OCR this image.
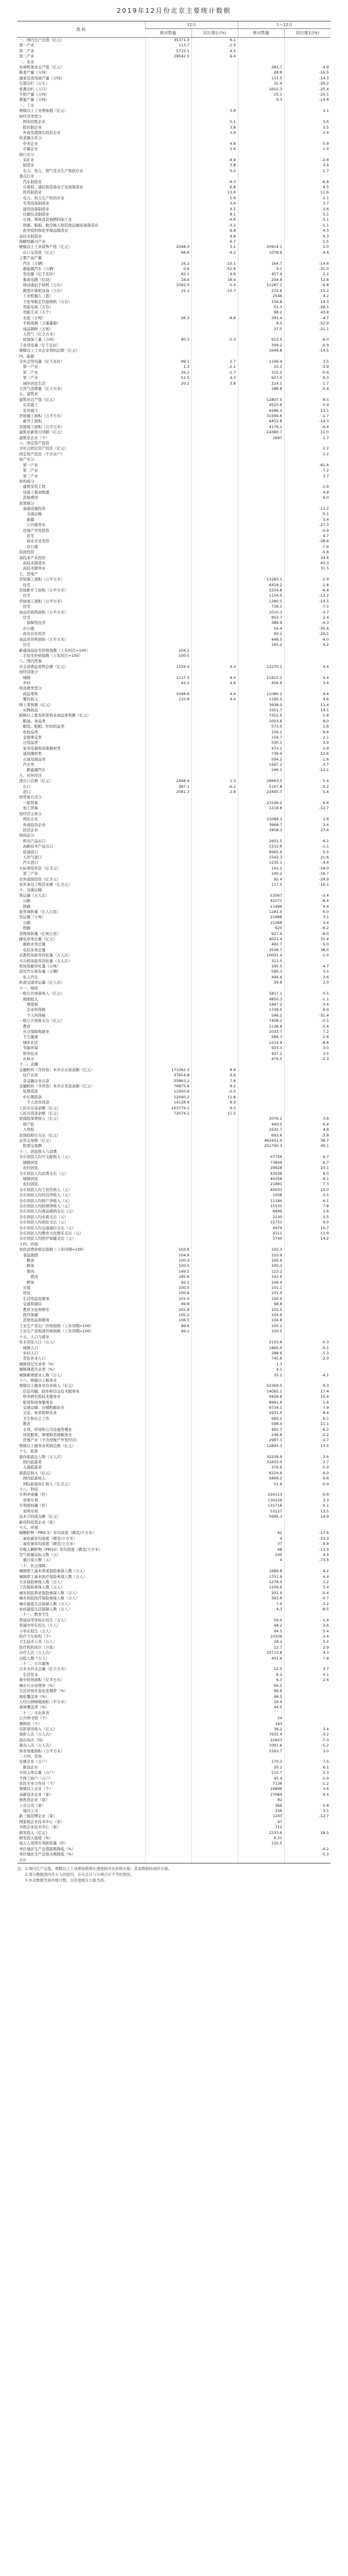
2019年12月份北京主要统计数据
指 标	12月		1～12月	
	绝对数量	同比增长(%)	绝对数量	同比增长(%)
一、国内生产总值（亿元）	35371.3	6.1		
第一产业	113.7	-2.5		
第二产业	5715.1	4.5		
第三产业	29542.5	6.4		
二、农业				
农林牧渔业总产值（亿元）			281.7	-4.9
粮食产量（万吨）			28.8	-16.5
蔬菜及食用菌产量（万吨）			111.5	-14.3
生猪出栏（万头）			32.4	-20.2
家禽出栏（万只）			1602.3	-25.4
牛奶产量（万吨）			25.1	-20.1
禽蛋产量（万吨）			9.3	-14.4
三、工业				
规模以上工业增加值（亿元）		3.9		3.1
按经济类型分				
　国有控股企业		5.1		5.6
　股份制企业		3.8		3.5
　外商及港澳台投资企业		3.9		2.4
按隶属关系分				
　中央企业		4.8		5.8
　市属企业		2.6		1.4
按行业分				
　采矿业		-9.9		-2.8
　制造业		3.8		3.4
　电力、热力、燃气及水生产和供应业		5.2		1.7
重点行业				
　汽车制造业		-8.3		-6.8
　计算机、通信和其他电子设备制造业		6.8		6.5
　医药制造业		13.6		11.6
　电力、热力生产和供应业		5.9		2.1
　专用设备制造业		3.4		3.7
　通用设备制造业		4.5		2.6
　仪器仪表制造业		8.1		5.1
　石油、煤炭及其他燃料加工业		-4.6		-3.1
　铁路、船舶、航空航天和其他运输设备制造业		-3.2		-1.1
　化学原料和化学制品制造业		6.8		4.3
高技术制造业		9.8		9.3
战略性新兴产业		6.7		5.5
规模以上工业销售产值（亿元）	2048.3	3.1	20914.1	2.0
　出口交货值（亿元）	98.6	-9.2	1078.9	-4.4
主要产品产量				
　汽车（万辆）	16.2	-10.1	164.7	-14.6
　新能源汽车（万辆）	0.9	-52.6	9.1	-31.0
　发电量（亿千瓦时）	42.1	4.6	457.4	2.2
　集成电路（亿块）	18.6	18.9	204.9	12.8
　移动通信手持机（万台）	1092.0	-5.4	11287.1	-9.8
　微型计算机设备（万台）	25.1	-10.7	272.6	-15.2
　工业机器人（套）			2546	4.2
　卫星导航定位接收机（万台）			134.8	19.3
　智能电视（万台）			51.3	-26.5
　智能手表（万个）			98.2	43.8
　水泥（万吨）	26.3	-8.8	391.4	-4.7
　平板玻璃（万重量箱）			8.0	-52.9
　成品钢材（万吨）			37.5	-21.1
　天然气（亿立方米）				
　原油加工量（万吨）	80.3	-5.3	913.5	-6.0
工业用电量（亿千瓦时）			309.2	-0.9
规模以上工业企业利润总额（亿元）			1649.8	-14.5
四、能源				
全社会用电量（亿千瓦时）	99.1	2.7	1166.4	3.5
　第一产业	1.3	-2.1	10.1	-3.9
　第二产业	26.2	-1.7	315.2	-0.6
　第三产业	51.5	4.3	627.0	6.3
　城乡居民生活	20.1	3.8	214.1	1.7
天然气消费量（亿立方米）			188.8	-0.4
五、建筑业				
建筑业总产值（亿元）			12807.0	8.5
　在京施工			4520.6	0.9
　京外施工			8286.4	13.1
房屋施工面积（万平方米）			31569.6	-1.7
　新开工面积			6452.8	-14.3
房屋竣工面积（万平方米）			4176.1	-6.4
建筑业新签合同额（亿元）			14380.7	11.0
建筑业企业（个）			2697	1.7
六、固定资产投资				
全社会固定资产投资（亿元）				2.2
固定资产投资（不含农户）				2.2
按产业分				
　第一产业				-61.4
　第二产业				-7.2
　第三产业				3.7
按构成分				
　建筑安装工程				-1.9
　设备工器具购置				4.8
　其他费用				6.0
按领域分				
　基础设施投资				-13.2
　　交通运输				-5.1
　　能源				3.4
　　公共服务业				-27.3
　房地产开发投资				-0.9
　　住宅				4.7
　　商业营业用房				-28.8
　　办公楼				-7.6
民间投资				-5.8
高技术产业投资				34.6
　高技术制造业				63.3
　高技术服务业				31.5
七、房地产				
房屋施工面积（万平方米）			13283.1	-2.9
　住宅			6419.2	-1.8
房屋新开工面积（万平方米）			2254.8	-6.4
　住宅			1154.5	-13.2
房屋竣工面积（万平方米）			1280.5	-14.5
　住宅			736.1	-7.5
商品房销售面积（万平方米）			1010.3	-3.7
　住宅			853.7	2.4
　　保障性住房			389.9	-4.3
　办公楼			54.4	-35.6
　商业营业用房			40.2	-29.5
商品房待售面积（万平方米）			448.5	-4.0
　住宅			165.2	4.2
新建商品住宅价格指数（上年同月=100）	104.1			
二手住宅价格指数（上年同月=100）	100.5			
八、国内贸易				
社会消费品零售总额（亿元）	1159.4	4.4	12270.1	4.4
按经营地分				
　城镇	1117.3	4.4	11813.2	4.4
　乡村	42.1	4.8	456.9	3.6
按消费类型分				
　商品零售	1048.6	4.4	11080.1	4.4
　餐饮收入	110.8	4.4	1190.0	4.6
网上零售额（亿元）			3938.0	11.4
　实物商品			3351.7	14.1
限额以上批发和零售业商品零售额（亿元）			7352.5	1.8
　粮油、食品类			1003.6	8.0
　服装、鞋帽、针纺织品类			573.5	1.6
　化妆品类			156.1	9.6
　金银珠宝类			154.7	2.1
　日用品类			500.1	3.9
　家用电器和音像器材类			472.1	2.8
　通讯器材类			739.4	12.6
　石油及制品类			594.2	-1.6
　汽车类			1567.2	-3.7
　　新能源汽车			246.1	-12.1
九、对外经济				
进出口总额（亿元）	2468.4	1.3	28663.5	5.4
　出口	387.1	-6.2	5167.8	5.2
　进口	2081.3	2.8	23495.7	5.4
按贸易方式分				
　一般贸易			23149.2	6.4
　加工贸易			1218.8	-12.7
按经营主体分				
　国有企业			21084.3	2.8
　外商投资企业			3968.7	3.6
　民营企业			3458.3	27.6
按商品分				
　机电产品出口			2601.5	6.2
　高新技术产品出口			1212.9	-1.1
　原油进口			8965.6	5.5
　天然气进口			1542.3	21.6
　汽车进口			1235.1	-4.6
实际利用外资（亿美元）			142.1	-18.0
　第三产业			140.2	-16.7
对外直接投资（亿美元）			92.4	-29.9
对外承包工程营业额（亿美元）			117.5	-16.1
十、交通运输				
客运量（万人次）			53567	-3.4
　公路			42071	-6.4
　铁路			11496	9.4
旅客周转量（亿人公里）			1281.5	6.0
货运量（万吨）			21988	3.1
　公路			21368	3.4
　铁路			620	-6.2
货物周转量（亿吨公里）			927.6	-8.0
邮电业务总量（亿元）			4021.4	31.4
　邮政业务总量			482.7	5.0
　电信业务总量			3538.7	36.0
首都机场旅客吞吐量（万人次）			10001.4	-1.0
大兴机场旅客吞吐量（万人次）			313.5	
机场货邮吞吐量（万吨）			195.5	-4.7
民用汽车保有量（万辆）			590.3	3.5
　私人汽车			494.9	3.6
轨道交通客运量（亿人次）			39.6	2.0
十一、财政				
一般公共预算收入（亿元）			5817.1	0.5
　税收收入			4850.3	-1.1
　　增值税			1947.2	-3.4
　　企业所得税			1339.0	6.9
　　个人所得税			546.2	-31.4
一般公共预算支出（亿元）			7408.2	-0.5
　教育			1136.8	0.4
　社会保障和就业			1033.7	7.2
　卫生健康			584.3	2.8
　城乡社区			1214.9	-8.8
　节能环保			503.3	3.0
　科学技术			437.2	3.5
　农林水			476.0	-2.3
十二、金融				
金融机构（含外资）本外币存款余额（亿元）	171062.3	8.8		
　住户存款	37654.8	9.6		
　非金融企业存款	55863.2	7.6		
金融机构（含外资）本外币贷款余额（亿元）	76875.6	9.2		
　短期贷款	11950.6	-2.5		
　中长期贷款	52640.2	11.6		
　　个人住房贷款	14128.9	9.3		
人民币存款余额（亿元）	163779.1	9.5		
人民币贷款余额（亿元）	72074.1	11.5		
原保险保费收入（亿元）			2076.2	3.8
　财产险			440.5	0.4
　人身险			1635.7	4.8
原保险赔付支出（亿元）			693.6	-3.8
证券交易额（亿元）			462431.0	38.7
　股票交易额			251760.3	40.1
十三、居民收入与消费				
全市居民人均可支配收入（元）			67756	8.7
　城镇居民			73849	8.7
　农村居民			28928	10.1
全市居民人均消费支出（元）			43038	8.0
　城镇居民			46358	8.1
　农村居民			21881	7.3
全市居民人均工资性收入（元）			40033	10.0
全市居民人均经营净收入（元）			1008	-3.1
全市居民人均财产净收入（元）			11184	6.1
全市居民人均转移净收入（元）			15531	7.8
全市居民人均食品烟酒支出（元）			8489	3.6
全市居民人均衣着支出（元）			2230	-3.5
全市居民人均居住支出（元）			15751	9.0
全市居民人均交通通信支出（元）			4979	10.7
全市居民人均教育文化娱乐支出（元）			4311	11.9
全市居民人均医疗保健支出（元）			3740	14.2
十四、价格				
居民消费价格总指数（上年同期=100）	102.6		102.3	
　食品烟酒	104.9		103.9	
　　粮食	100.3		100.6	
　　鲜菜	100.5		105.3	
　　畜肉	149.5		123.2	
　　　猪肉	185.6		142.6	
　　鲜果	92.1		106.4	
　衣着	100.5		101.1	
　居住	100.8		101.4	
　生活用品及服务	101.0		100.9	
　交通和通信	99.8		98.8	
　教育文化和娱乐	102.8		102.5	
　医疗保健	105.2		104.6	
　其他用品和服务	106.5		104.8	
工业生产者出厂价格指数（上年同期=100）	99.6		100.2	
工业生产者购进价格指数（上年同期=100）	99.2		100.0	
十五、人口与就业				
年末常住人口（万人）			2153.6	-0.3
　城镇人口			1865.0	-0.1
　乡村人口			288.6	-1.3
　常住外来人口			745.6	-2.0
城镇登记失业率（%）			1.3	
城镇调查失业率（%）			4.1	
城镇新增就业人数（万人）			35.1	-4.1
十六、规模以上服务业				
规模以上服务业营业收入（亿元）			52369.5	9.3
　信息传输、软件和信息技术服务业			14085.1	17.4
　科学研究和技术服务业			9426.8	10.4
　租赁和商务服务业			8961.6	1.6
　交通运输、仓储和邮政业			9734.1	7.9
　文化、体育和娱乐业			1931.5	8.4
　卫生和社会工作			983.2	6.1
　教育			598.4	11.1
　水利、环境和公共设施管理业			492.7	-6.2
　居民服务、修理和其他服务业			246.8	-2.2
　房地产业（不含房地产开发经营）			2987.3	4.7
规模以上服务业利润总额（亿元）			12845.3	13.5
十七、旅游				
接待旅游总人数（万人次）			32209.9	3.6
　国内旅游者			31833.0	3.7
　入境旅游者			376.9	-5.9
旅游总收入（亿元）			6224.6	6.0
　国内旅游收入			5866.2	6.6
　国际旅游外汇收入（亿美元）			51.9	-5.9
十八、科技				
专利申请量（件）			226113	6.9
　发明专利			130229	3.3
专利授权量（件）			131716	6.1
　发明专利			53127	13.5
技术合同成交额（亿元）			5695.3	14.9
新设科技型企业（家）				
十九、环境				
细颗粒物（PM2.5）年均浓度（微克/立方米）			42	-17.6
二氧化硫年均浓度（微克/立方米）			4	-33.3
二氧化氮年均浓度（微克/立方米）			37	-9.8
可吸入颗粒物（PM10）年均浓度（微克/立方米）			68	-13.9
空气质量达标天数（天）			240	4.3
　重污染天数（天）			4	-73.3
二十、社会保障				
城镇职工基本养老保险参保人数（万人）			1689.8	4.2
城镇职工基本医疗保险参保人数（万人）			1751.9	4.4
失业保险参保人数（万人）			1278.0	3.2
工伤保险参保人数（万人）			1204.6	3.4
城乡居民养老保险参保人数（万人）			201.9	-0.4
城乡居民医疗保险参保人数（万人）			393.6	-0.7
城市最低生活保障人数（万人）			7.0	-3.2
农村最低生活保障人数（万人）			4.3	-8.5
二十一、教育卫生				
普通高等学校在校生（万人）			59.0	1.4
普通中学在校生（万人）			48.2	2.6
小学在校生（万人）			94.5	5.4
医疗卫生机构（个）			10336	-3.4
卫生技术人员（万人）			28.2	5.2
医疗机构床位（万张）			12.7	2.9
诊疗人次（万人次）			25713.8	4.3
出院人数（万人）			401.6	7.8
二十二、公共服务				
自来水供水总量（亿立方米）			12.0	3.7
　生活用水			8.2	4.1
集中供热面积（亿平方米）			6.3	2.6
城市污水处理率（%）			94.5	
生活垃圾无害化处理率（%）			99.9	
绿化覆盖率（%）			48.5	
人均公园绿地面积（平方米）			16.4	
森林覆盖率（%）			44.0	
二十三、文化体育				
公共图书馆（个）			24	
博物馆（个）			183	
电影票房收入（亿元）			36.2	3.4
观影人次（万人次）			7632.4	-3.2
演出场次（场）			22823	-7.0
观众人次（万人次）			1091.6	-5.2
体育场地面积（万平方米）			5163.7	3.0
二十四、其他				
注册企业（万户）			170.3	7.5
　新设企业			20.2	6.1
市场主体总量（万户）			215.7	5.3
个体工商户（万户）			45.4	-1.9
农民专业合作社（个）			7136	-1.2
规模以上企业（个）			24896	3.6
高新技术企业（家）			27069	9.4
独角兽企业（家）			82	
上市公司（家）			366	5.8
　境内上市			336	3.1
新三板挂牌企业（家）			1243	-12.7
国家级企业技术中心（家）			97	
市级企业技术中心（家）			712	
研发投入（亿元）			2233.6	18.5
研发投入强度（%）			6.31	
每万人发明专利拥有量（件）			132.0	
单位地区生产总值能耗降低（%）				-4.2
单位地区生产总值水耗降低（%）				-5.3
合计				
注：1.国内生产总值、规模以上工业增加值增长速度按可比价格计算；其余数据按现价计算。
　　2.部分数据因四舍五入的原因，存在总计与分项合计不等的情况。
　　3.本表数据为初步统计数，以年度统计公报为准。
